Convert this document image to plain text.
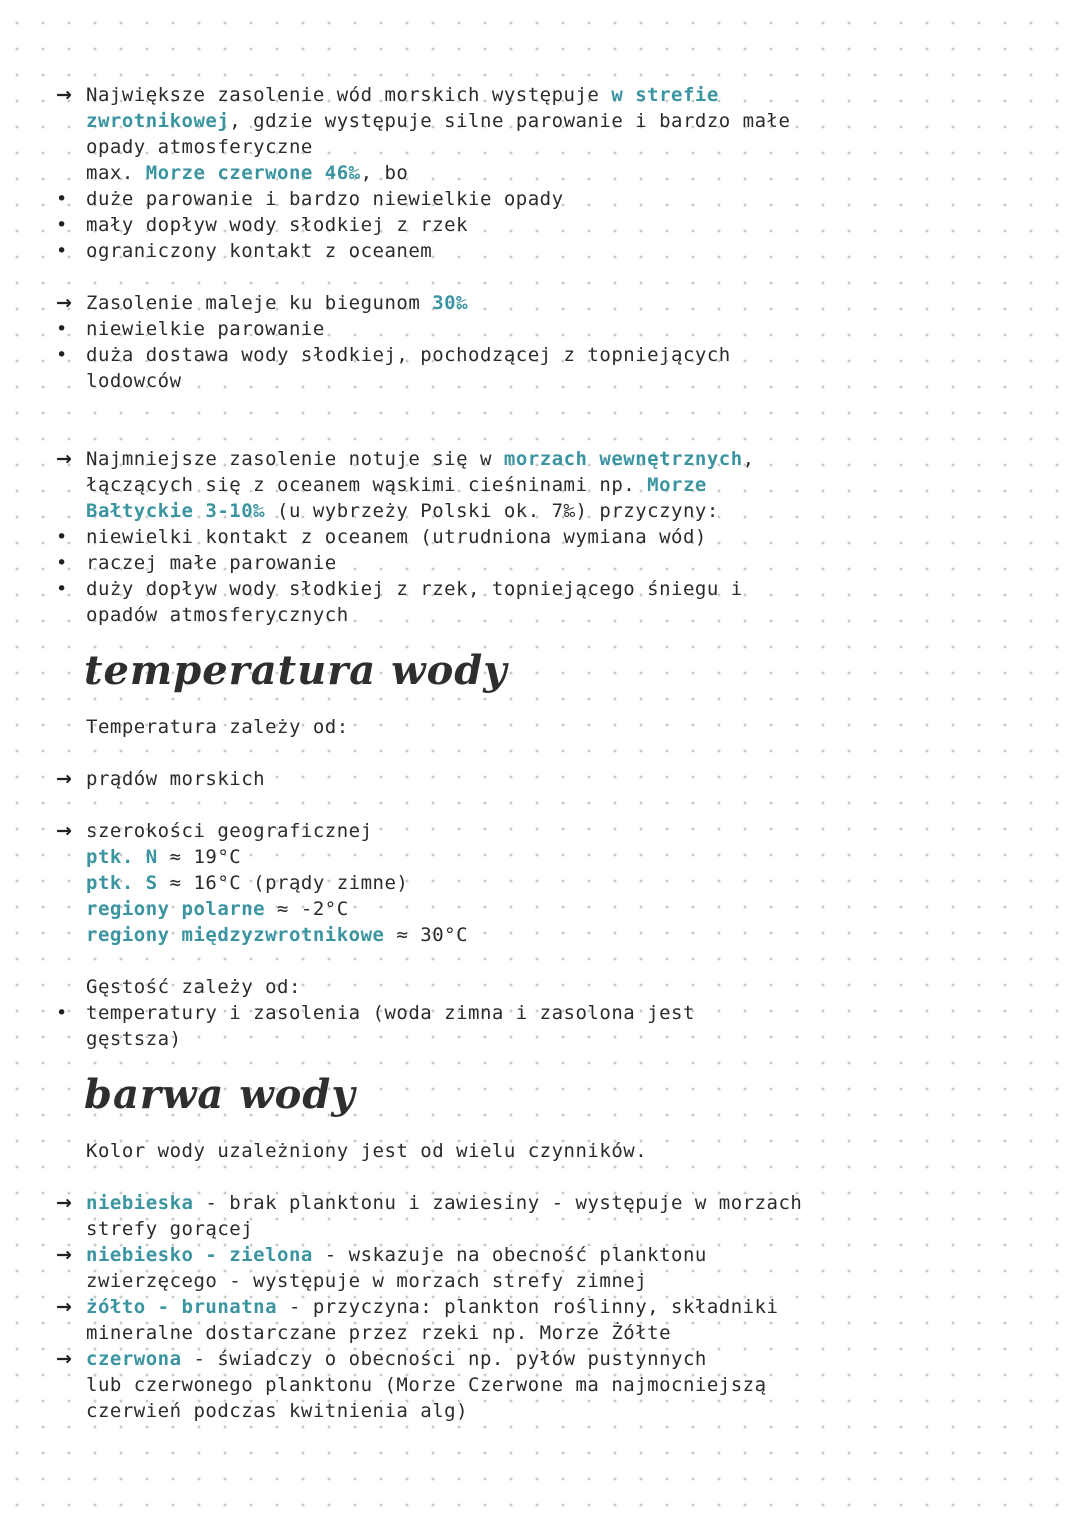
→ Największe zasolenie wód morskich występuje w strefie
zwrotnikowej, gdzie występuje silne parowanie i bardzo małe
opady atmosferyczne
max. Morze czerwone 46‰, bo
• duże parowanie i bardzo niewielkie opady
• mały dopływ wody słodkiej z rzek
• ograniczony kontakt z oceanem
→ Zasolenie maleje ku biegunom 30‰
• niewielkie parowanie
• duża dostawa wody słodkiej, pochodzącej z topniejących
lodowców
→ Najmniejsze zasolenie notuje się w morzach wewnętrznych,
łączących się z oceanem wąskimi cieśninami np. Morze
Bałtyckie 3-10‰ (u wybrzeży Polski ok. 7‰) przyczyny:
• niewielki kontakt z oceanem (utrudniona wymiana wód)
• raczej małe parowanie
• duży dopływ wody słodkiej z rzek, topniejącego śniegu i
opadów atmosferycznych
temperatura wody
Temperatura zależy od:
→ prądów morskich
→ szerokości geograficznej
ptk. N ≈ 19°C
ptk. S ≈ 16°C (prądy zimne)
regiony polarne ≈ -2°C
regiony międzyzwrotnikowe ≈ 30°C
Gęstość zależy od:
• temperatury i zasolenia (woda zimna i zasolona jest
gęstsza)
barwa wody
Kolor wody uzależniony jest od wielu czynników.
→ niebieska - brak planktonu i zawiesiny - występuje w morzach
strefy gorącej
→ niebiesko - zielona - wskazuje na obecność planktonu
zwierzęcego - występuje w morzach strefy zimnej
→ żółto - brunatna - przyczyna: plankton roślinny, składniki
mineralne dostarczane przez rzeki np. Morze Żółte
→ czerwona - świadczy o obecności np. pyłów pustynnych
lub czerwonego planktonu (Morze Czerwone ma najmocniejszą
czerwień podczas kwitnienia alg)
